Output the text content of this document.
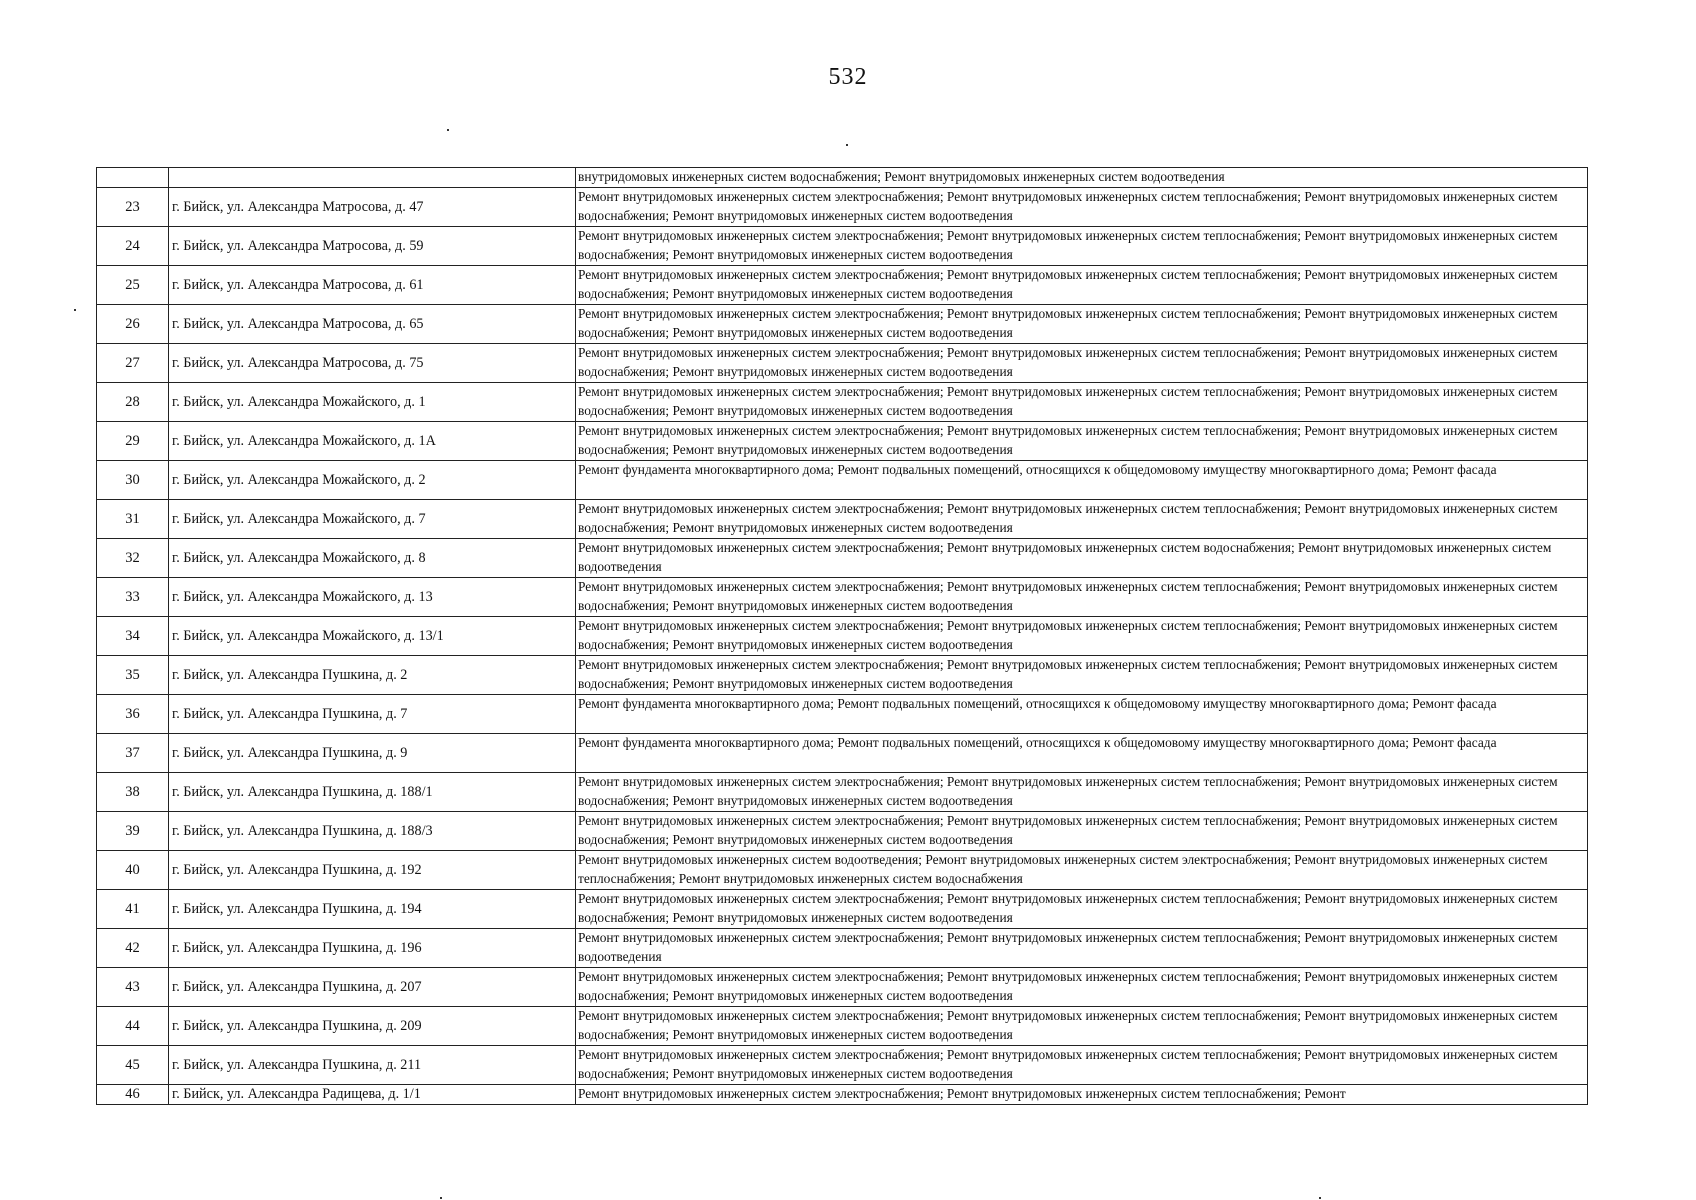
532
		внутридомовых инженерных систем водоснабжения; Ремонт внутридомовых инженерных систем водоотведения
23	г. Бийск, ул. Александра Матросова, д. 47	Ремонт внутридомовых инженерных систем электроснабжения; Ремонт внутридомовых инженерных систем теплоснабжения; Ремонт внутридомовых инженерных систем водоснабжения; Ремонт внутридомовых инженерных систем водоотведения
24	г. Бийск, ул. Александра Матросова, д. 59	Ремонт внутридомовых инженерных систем электроснабжения; Ремонт внутридомовых инженерных систем теплоснабжения; Ремонт внутридомовых инженерных систем водоснабжения; Ремонт внутридомовых инженерных систем водоотведения
25	г. Бийск, ул. Александра Матросова, д. 61	Ремонт внутридомовых инженерных систем электроснабжения; Ремонт внутридомовых инженерных систем теплоснабжения; Ремонт внутридомовых инженерных систем водоснабжения; Ремонт внутридомовых инженерных систем водоотведения
26	г. Бийск, ул. Александра Матросова, д. 65	Ремонт внутридомовых инженерных систем электроснабжения; Ремонт внутридомовых инженерных систем теплоснабжения; Ремонт внутридомовых инженерных систем водоснабжения; Ремонт внутридомовых инженерных систем водоотведения
27	г. Бийск, ул. Александра Матросова, д. 75	Ремонт внутридомовых инженерных систем электроснабжения; Ремонт внутридомовых инженерных систем теплоснабжения; Ремонт внутридомовых инженерных систем водоснабжения; Ремонт внутридомовых инженерных систем водоотведения
28	г. Бийск, ул. Александра Можайского, д. 1	Ремонт внутридомовых инженерных систем электроснабжения; Ремонт внутридомовых инженерных систем теплоснабжения; Ремонт внутридомовых инженерных систем водоснабжения; Ремонт внутридомовых инженерных систем водоотведения
29	г. Бийск, ул. Александра Можайского, д. 1А	Ремонт внутридомовых инженерных систем электроснабжения; Ремонт внутридомовых инженерных систем теплоснабжения; Ремонт внутридомовых инженерных систем водоснабжения; Ремонт внутридомовых инженерных систем водоотведения
30	г. Бийск, ул. Александра Можайского, д. 2	Ремонт фундамента многоквартирного дома; Ремонт подвальных помещений, относящихся к общедомовому имуществу многоквартирного дома; Ремонт фасада
31	г. Бийск, ул. Александра Можайского, д. 7	Ремонт внутридомовых инженерных систем электроснабжения; Ремонт внутридомовых инженерных систем теплоснабжения; Ремонт внутридомовых инженерных систем водоснабжения; Ремонт внутридомовых инженерных систем водоотведения
32	г. Бийск, ул. Александра Можайского, д. 8	Ремонт внутридомовых инженерных систем электроснабжения; Ремонт внутридомовых инженерных систем водоснабжения; Ремонт внутридомовых инженерных систем водоотведения
33	г. Бийск, ул. Александра Можайского, д. 13	Ремонт внутридомовых инженерных систем электроснабжения; Ремонт внутридомовых инженерных систем теплоснабжения; Ремонт внутридомовых инженерных систем водоснабжения; Ремонт внутридомовых инженерных систем водоотведения
34	г. Бийск, ул. Александра Можайского, д. 13/1	Ремонт внутридомовых инженерных систем электроснабжения; Ремонт внутридомовых инженерных систем теплоснабжения; Ремонт внутридомовых инженерных систем водоснабжения; Ремонт внутридомовых инженерных систем водоотведения
35	г. Бийск, ул. Александра Пушкина, д. 2	Ремонт внутридомовых инженерных систем электроснабжения; Ремонт внутридомовых инженерных систем теплоснабжения; Ремонт внутридомовых инженерных систем водоснабжения; Ремонт внутридомовых инженерных систем водоотведения
36	г. Бийск, ул. Александра Пушкина, д. 7	Ремонт фундамента многоквартирного дома; Ремонт подвальных помещений, относящихся к общедомовому имуществу многоквартирного дома; Ремонт фасада
37	г. Бийск, ул. Александра Пушкина, д. 9	Ремонт фундамента многоквартирного дома; Ремонт подвальных помещений, относящихся к общедомовому имуществу многоквартирного дома; Ремонт фасада
38	г. Бийск, ул. Александра Пушкина, д. 188/1	Ремонт внутридомовых инженерных систем электроснабжения; Ремонт внутридомовых инженерных систем теплоснабжения; Ремонт внутридомовых инженерных систем водоснабжения; Ремонт внутридомовых инженерных систем водоотведения
39	г. Бийск, ул. Александра Пушкина, д. 188/3	Ремонт внутридомовых инженерных систем электроснабжения; Ремонт внутридомовых инженерных систем теплоснабжения; Ремонт внутридомовых инженерных систем водоснабжения; Ремонт внутридомовых инженерных систем водоотведения
40	г. Бийск, ул. Александра Пушкина, д. 192	Ремонт внутридомовых инженерных систем водоотведения; Ремонт внутридомовых инженерных систем электроснабжения; Ремонт внутридомовых инженерных систем теплоснабжения; Ремонт внутридомовых инженерных систем водоснабжения
41	г. Бийск, ул. Александра Пушкина, д. 194	Ремонт внутридомовых инженерных систем электроснабжения; Ремонт внутридомовых инженерных систем теплоснабжения; Ремонт внутридомовых инженерных систем водоснабжения; Ремонт внутридомовых инженерных систем водоотведения
42	г. Бийск, ул. Александра Пушкина, д. 196	Ремонт внутридомовых инженерных систем электроснабжения; Ремонт внутридомовых инженерных систем теплоснабжения; Ремонт внутридомовых инженерных систем водоотведения
43	г. Бийск, ул. Александра Пушкина, д. 207	Ремонт внутридомовых инженерных систем электроснабжения; Ремонт внутридомовых инженерных систем теплоснабжения; Ремонт внутридомовых инженерных систем водоснабжения; Ремонт внутридомовых инженерных систем водоотведения
44	г. Бийск, ул. Александра Пушкина, д. 209	Ремонт внутридомовых инженерных систем электроснабжения; Ремонт внутридомовых инженерных систем теплоснабжения; Ремонт внутридомовых инженерных систем водоснабжения; Ремонт внутридомовых инженерных систем водоотведения
45	г. Бийск, ул. Александра Пушкина, д. 211	Ремонт внутридомовых инженерных систем электроснабжения; Ремонт внутридомовых инженерных систем теплоснабжения; Ремонт внутридомовых инженерных систем водоснабжения; Ремонт внутридомовых инженерных систем водоотведения
46	г. Бийск, ул. Александра Радищева, д. 1/1	Ремонт внутридомовых инженерных систем электроснабжения; Ремонт внутридомовых инженерных систем теплоснабжения; Ремонт
